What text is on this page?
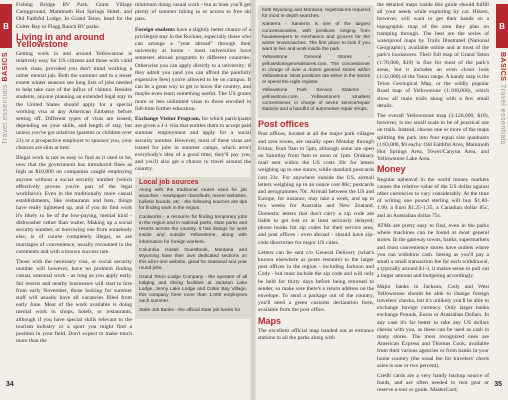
B
BASICS
Travel essentials
B
BASICS
Travel essentials

Fishing Bridge RV Park, Grant Village Campground, Mammoth Hot Springs Hotel, and Old Faithful Lodge. In Grand Teton, head for the Colter Bay or Flagg Ranch RV parks.

Living in and around Yellowstone

Getting work in and around Yellowstone is relatively easy for US citizens and those with valid work visas, provided you don't mind working a rather menial job. Both the summer and to a lesser extent winter seasons see long lists of jobs needed to help take care of the influx of visitors. Besides students, anyone planning an extended legal stay in the United States should apply for a special working visa at any American Embassy before setting off. Different types of visas are issued, depending on your skills, and length of stay, but unless you've got relatives (parents or children over 21) or a prospective employer to sponsor you, your chances are slim at best.

Illegal work is not as easy to find as it used to be, now that the government has introduced fines as high as $10,000 on companies caught employing anyone without a social security number (which effectively proves you're part of the legal workforce). Even in the traditionally more casual establishments, like restaurants and bars, things have really tightened up, and if you do find work it's likely to be of the low-paying, menial kind - dishwasher rather than waiter. Making up a social security number, or borrowing one from somebody else, is of course completely illegal, as are marriages of convenience, usually recounted in the comments and with a known success rate.

Those with the necessary visa, or social security number will however, have no problem finding casual, seasonal work - as long as you apply early. Ski resorts and nearby businesses will start to hire from early November, those looking for summer staff will usually have all vacancies filled from early June. Most of the work available is doing menial work in shops, hotels, or restaurants, although if you have special skills relevant to the tourism industry or a sport you might find a position in your field. Don't expect to make much more than the

minimum doing casual work - but at least you'll get plenty of summer hiking in or access to free ski pass.

Foreign students have a slightly better chance of a privileged stay in the Rockies, especially those who can arrange a "year abroad" through their university at home - most universities have semester abroad programs to different countries. Otherwise you can apply directly to a university; if they admit you (and you can afford the painfully expensive fees) you're allowed to be on campus. It can be a great way to get to know the country, and maybe even learn something useful. The US grants more or less unlimited visas to those enrolled in full-time further education.

Exchange Visitor Program, for which participants are given a J-1 visa that entitles them to accept paid summer employment and apply for a social security number. However, most of these visas are issued for jobs in summer camps, which aren't everybody's idea of a good time; they'll pay you, and you'll also get a chance to travel around the country.

Local job sources

Along with the traditional routes used for job searches - newspaper classifieds, recent websites, bulletin boards, etc - the following sources are tips for finding work in the region.

Coolworks - a resource for finding temporary jobs in the region and in national parks, state parks and resorts across the country. It has listings for work inside and outside Yellowstone, along with information for foreign workers.

Columbia Hostel Guestbook, Montana and Wyoming have their own dedicated sections on this all-in-one website, great for seasonal and year round jobs.

Grand Teton Lodge Company - the operator of all lodging and dining facilities at Jackson Lake Lodge, Jenny Lake Lodge and Colter Bay Village, this company hires more than 1,000 employees each summer.

State Job Banks - the official state job banks for

both Wyoming and Montana; registrations required for most in-depth searches.

Xanterra - Xanterra is one of the largest concessionaires, with positions ranging from housekeepers to mechanics and grocers for the winter snowcoaches. The first place to look if you want to live and work inside the park.

Yellowstone General Stores - yellowstonegeneralstores.com. The concessioner in charge of over a dozen general stores within Yellowstone. Most positions are either in the stores or spend the night register.

Yellowstone Park Service Stations - yellowstone.com. Yellowstone's smallest concessioner, in charge of seven service/repair stations and a handful of automotive repair shops.

Post offices

Post offices, located at all the major park villages and area towns, are usually open Monday through Friday, from 9am to 5pm, although some are open on Saturday from 9am to noon or 1pm. Ordinary mail sent within the US costs 39c for letters weighing up to one ounce, while standard postcards cost 23c. For anywhere outside the US, airmail letters weighing up to an ounce cost 80c; postcards and aerogrammes 70c. Airmail between the US and Europe, for instance, may take a week, and up to two weeks for Australia and New Zealand. Domestic letters that don't carry a zip code are liable to get lost or at least seriously delayed; phone books list zip codes for their service area, and post offices - even abroad - should have zip-code directories for major US cities.

Letters can be sent c/o General Delivery (what's known elsewhere as poste restante) to the larger post offices in the region - including Jackson and Cody - but must include the zip code and will only be held for thirty days before being returned to sender, so make sure there's a return address on the envelope. To send a package out of the country, you'll need a green customs declaration form, available from the post office.

Maps

The excellent official map handed out at entrance stations to all the parks along with

the detailed maps inside this guide should fulfill all your needs while exploring by car. Hikers, however, will want to get their hands on a topographic map of the area they plan on tramping through. The best are the series of waterproof maps by Trails Illustrated (National Geographic), available online and at most of the park's bookstores. Their full map of Grand Teton (1:78,000, $10) is fine for most of the park's areas, but it includes an even closer look (1:32,000) of the Teton range. A handy map is the Teton Geological Map, or the wildly popular Road map of Yellowstone (1:100,000), which show all main trails along with a few small details.

The overall Yellowstone map (1:126,000, $10), however, is too small scale to be of practical use on trails. Instead, choose one or more of the maps splitting the park into four equal size quadrants (1:83,000, $9 each): Old Faithful Area, Mammoth Hot Springs Area, Tower/Canyon Area, and Yellowstone Lake Area.

Money

Regular upheaval in the world money markets causes the relative value of the US dollar against other currencies to vary considerably. At the time of writing one pound sterling will buy $1.80-1.90, a Euro $1.25-1.35, a Canadian dollar 85c, and an Australian dollar 75c.

ATMs are pretty easy to find, even in the parks where machines can be found at most general stores. In the gateway towns, banks, supermarkets and most convenience stores have outlets where you can withdraw cash. Seeing as you'll pay a small a small transaction fee for each withdrawal, a typically around $1-3, it makes sense to pull out a larger amount and budgeting accordingly.

Major banks in Jackson, Cody and West Yellowstone should be able to change foreign travelers' checks, but it's unlikely you'll be able to exchange foreign currency. Only larger banks exchange Pounds, Euros or Australian Dollars. In any case it's far better to take any US dollars checks with you, as these can be used as cash in many stores. The most recognized ones are American Express and Thomas Cook, available from their various agencies or from banks in your home country (the usual fee for travelers' check sales is one or two percent).

Credit cards are a very handy backup source of funds, and are often needed to rent gear or reserve a tour or guide. MasterCard,

34	35
